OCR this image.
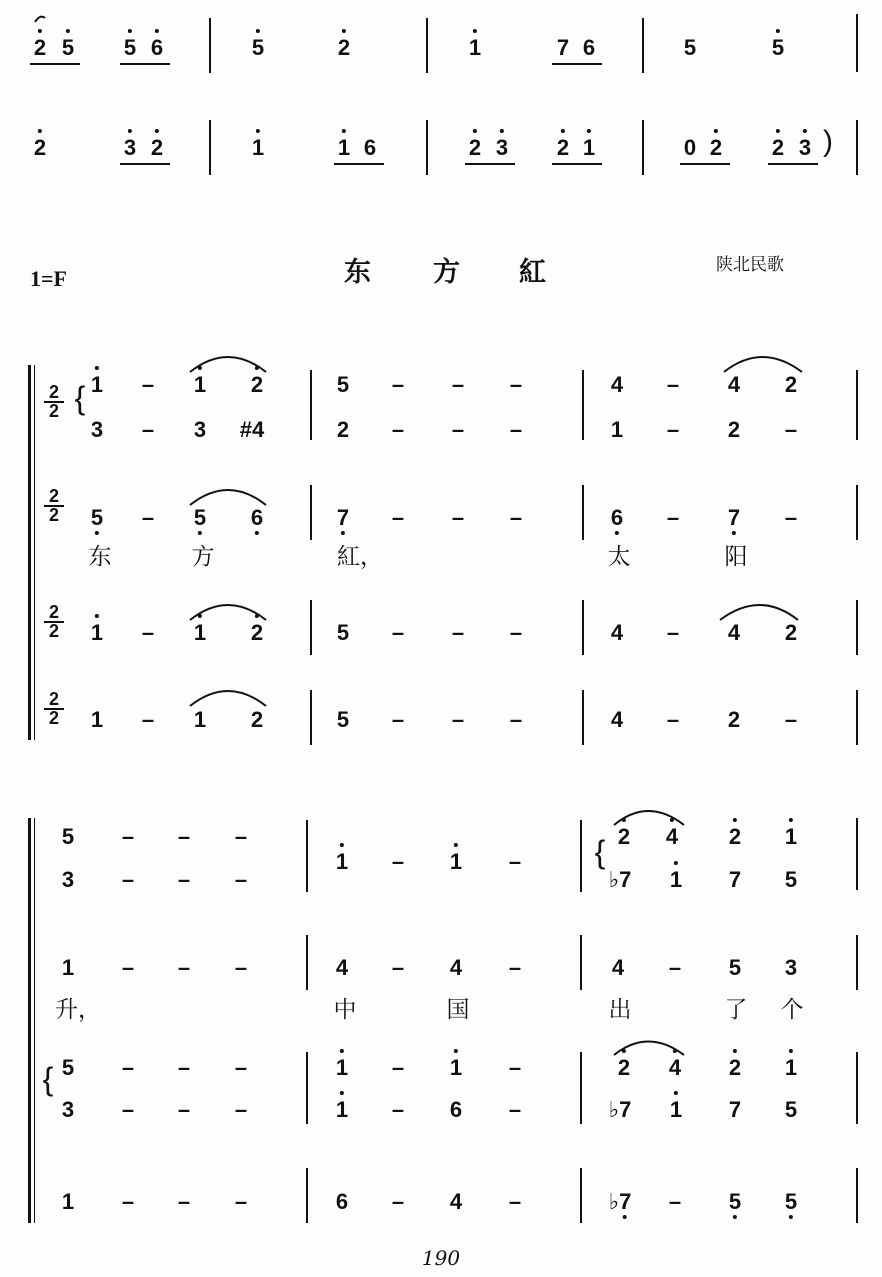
2 5 5 6	5	2	1	7 6	5	5
2	3 2	1	1 6	2 3 2 1	0 2 2 3 )
1=F	东 方 紅	陕北民歌
2
2 { 1 – 1 2
3 – 3 #4
5 – – –
2 – – –
4 – 4 2
1 – 2 –
2
2 5 – 5 6	7 – – –	6 – 7 –
东	方	紅，	太	阳
2
2 1 – 1 2	5 – – –	4 – 4 2
2
2 1 – 1 2	5 – – –	4 – 2 –
5
3
– – –
– – –
1 – 1 – { 2 4 2 1
♭7 1 7 5
1 – – –	4 – 4 –	4 – 5 3
升，	中	国	出	了 个
{ 5
3
– – –
– – –
1 – 1 –
1 – 6 –
2 4 2 1
♭7 1 7 5
1 – – –	6 – 4 –	♭7 – 5 5
190
